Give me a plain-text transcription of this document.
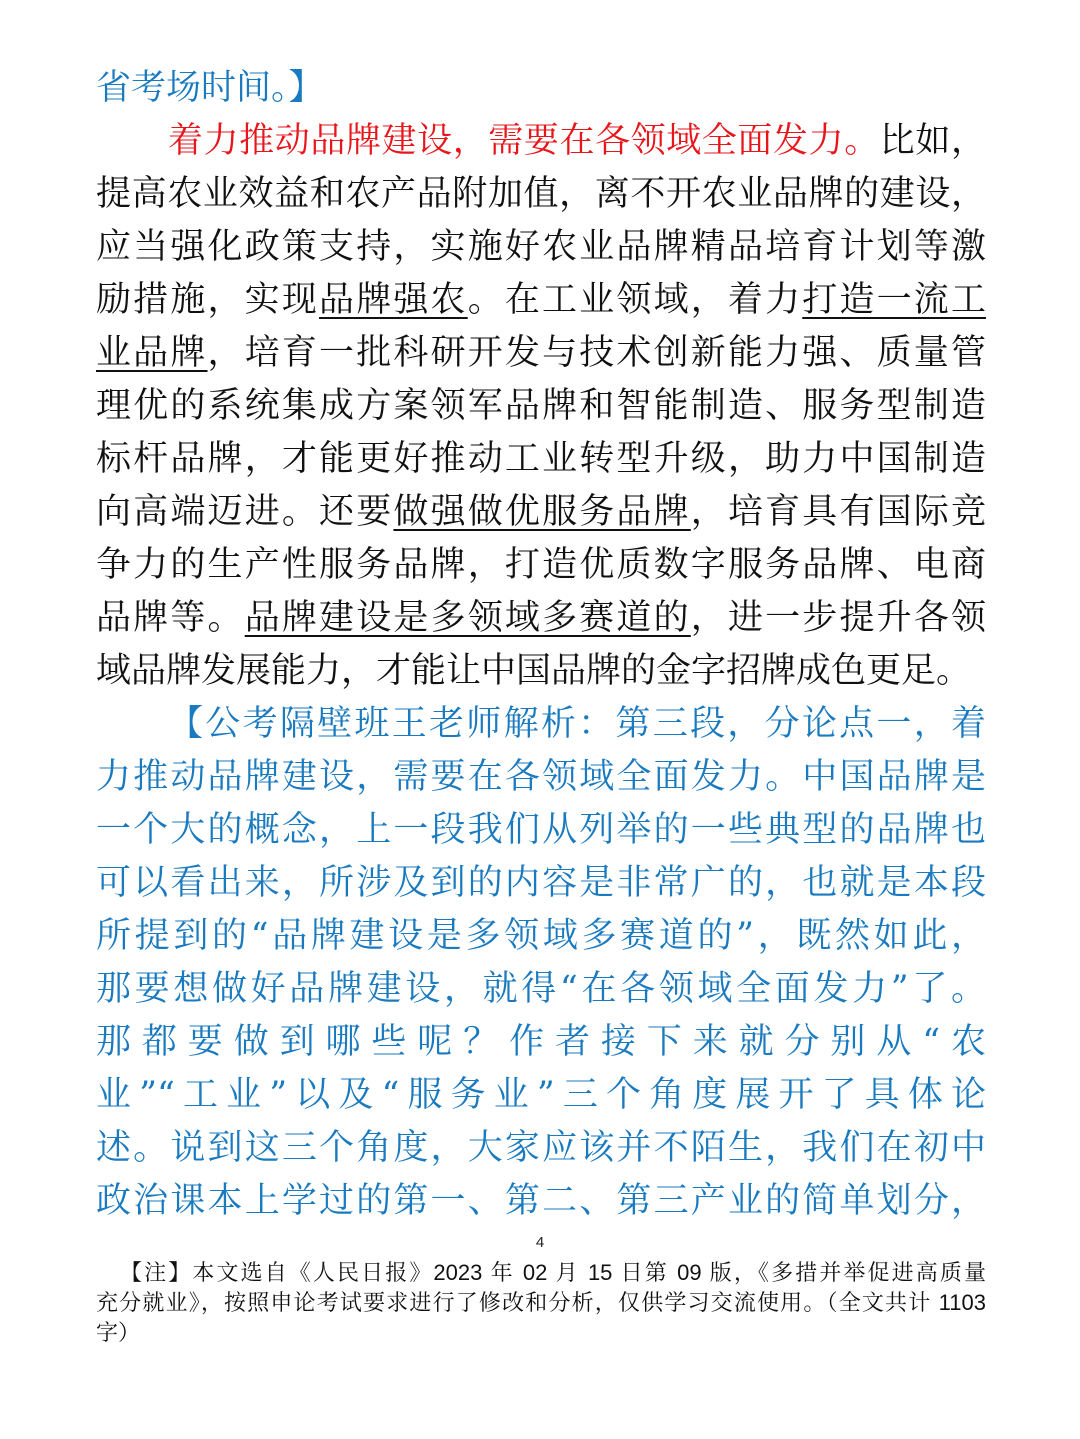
省考场时间。】
着力推动品牌建设，需要在各领域全面发力。比如，
提高农业效益和农产品附加值，离不开农业品牌的建设，
应当强化政策支持，实施好农业品牌精品培育计划等激
励措施，实现品牌强农。在工业领域，着力打造一流工
业品牌，培育一批科研开发与技术创新能力强、质量管
理优的系统集成方案领军品牌和智能制造、服务型制造
标杆品牌，才能更好推动工业转型升级，助力中国制造
向高端迈进。还要做强做优服务品牌，培育具有国际竞
争力的生产性服务品牌，打造优质数字服务品牌、电商
品牌等。品牌建设是多领域多赛道的，进一步提升各领
域品牌发展能力，才能让中国品牌的金字招牌成色更足。
【公考隔壁班王老师解析：第三段，分论点一，着
力推动品牌建设，需要在各领域全面发力。中国品牌是
一个大的概念，上一段我们从列举的一些典型的品牌也
可以看出来，所涉及到的内容是非常广的，也就是本段
所提到的“品牌建设是多领域多赛道的”，既然如此，
那要想做好品牌建设，就得“在各领域全面发力”了。
那都要做到哪些呢？作者接下来就分别从“农
业”“工业”以及“服务业”三个角度展开了具体论
述。说到这三个角度，大家应该并不陌生，我们在初中
政治课本上学过的第一、第二、第三产业的简单划分，
4
【注】本文选自《人民日报》2023 年 02 月 15 日第 09 版，《多措并举促进高质量
充分就业》，按照申论考试要求进行了修改和分析，仅供学习交流使用。（全文共计 1103
字）
